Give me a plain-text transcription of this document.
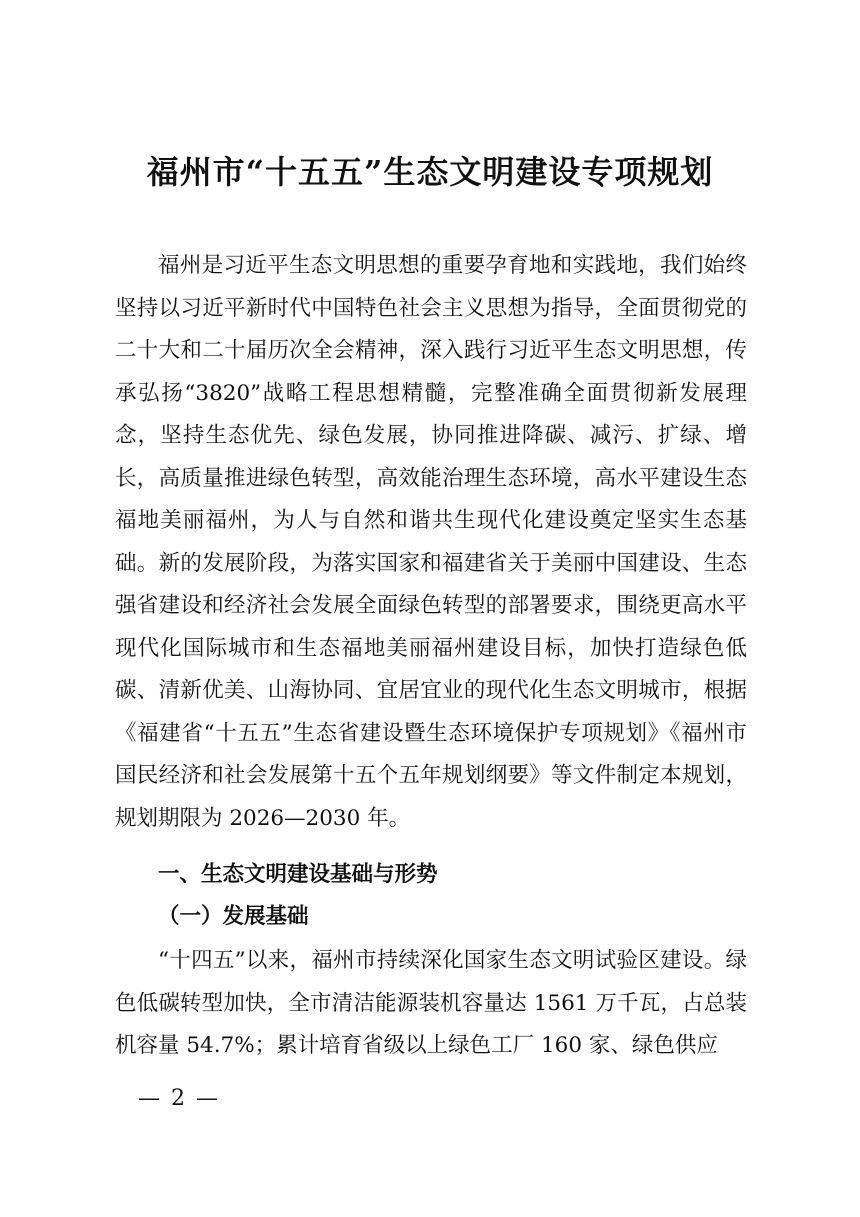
福州市“十五五”生态文明建设专项规划

福州是习近平生态文明思想的重要孕育地和实践地，我们始终坚持以习近平新时代中国特色社会主义思想为指导，全面贯彻党的二十大和二十届历次全会精神，深入践行习近平生态文明思想，传承弘扬“3820”战略工程思想精髓，完整准确全面贯彻新发展理念，坚持生态优先、绿色发展，协同推进降碳、减污、扩绿、增长，高质量推进绿色转型，高效能治理生态环境，高水平建设生态福地美丽福州，为人与自然和谐共生现代化建设奠定坚实生态基础。新的发展阶段，为落实国家和福建省关于美丽中国建设、生态强省建设和经济社会发展全面绿色转型的部署要求，围绕更高水平现代化国际城市和生态福地美丽福州建设目标，加快打造绿色低碳、清新优美、山海协同、宜居宜业的现代化生态文明城市，根据《福建省“十五五”生态省建设暨生态环境保护专项规划》《福州市国民经济和社会发展第十五个五年规划纲要》等文件制定本规划，规划期限为 2026—2030 年。

一、生态文明建设基础与形势
（一）发展基础

“十四五”以来，福州市持续深化国家生态文明试验区建设。绿色低碳转型加快，全市清洁能源装机容量达 1561 万千瓦，占总装机容量 54.7%；累计培育省级以上绿色工厂 160 家、绿色供应

— 2 —
